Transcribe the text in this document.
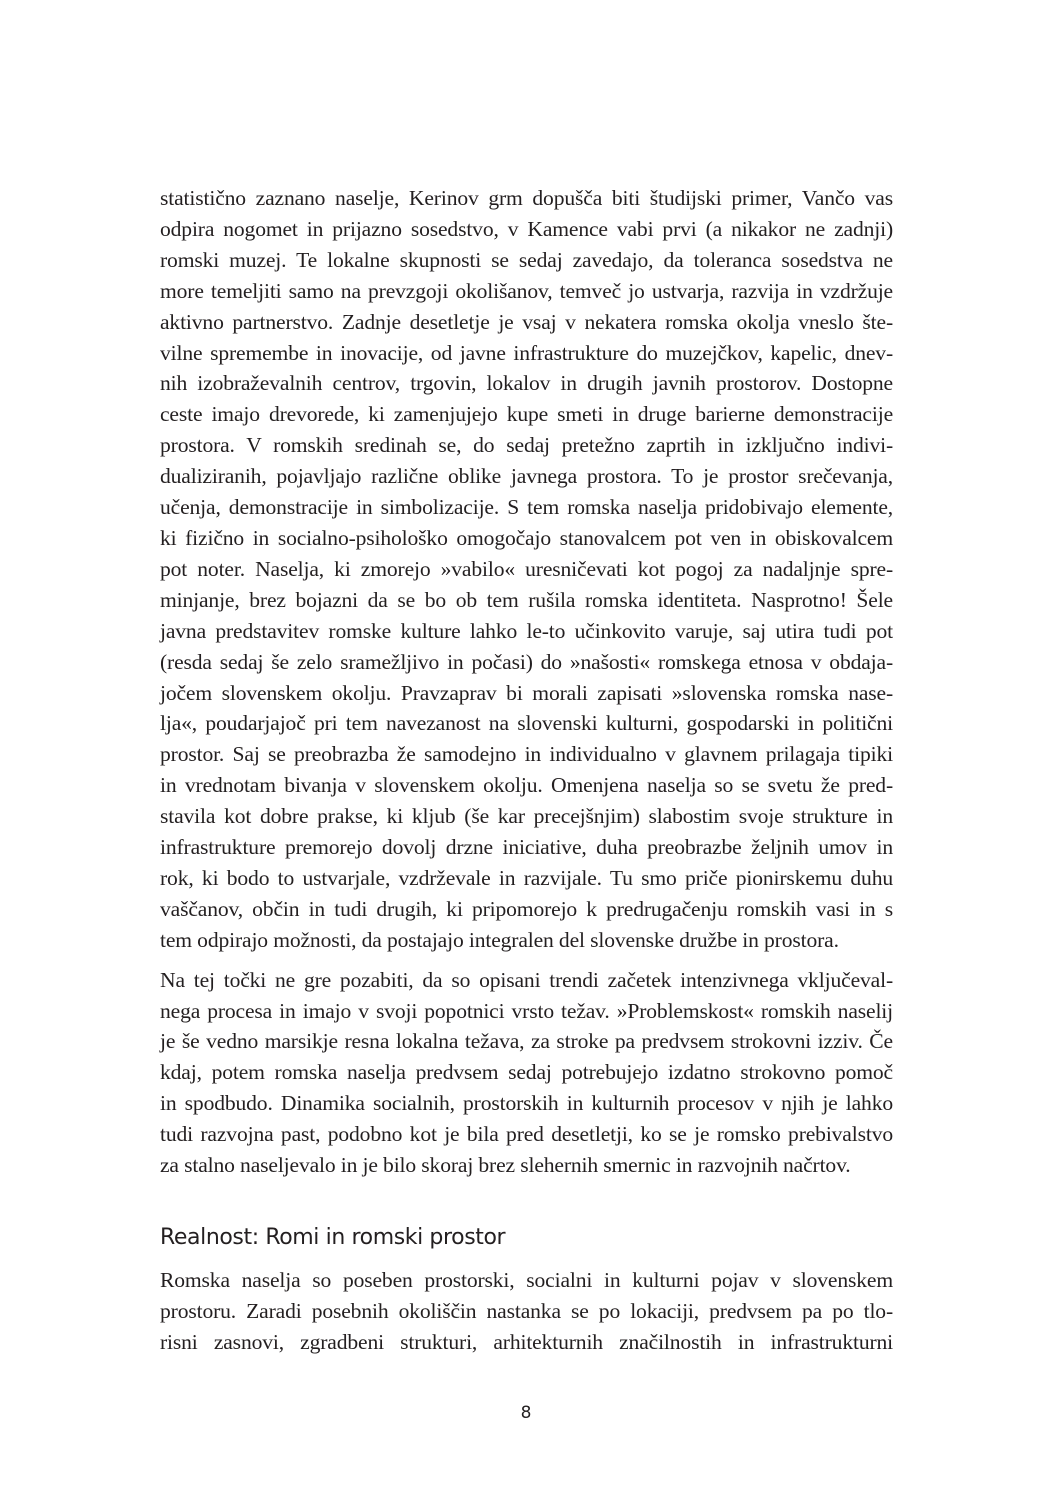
statistično zaznano naselje, Kerinov grm dopušča biti študijski primer, Vančo vas
odpira nogomet in prijazno sosedstvo, v Kamence vabi prvi (a nikakor ne zadnji)
romski muzej. Te lokalne skupnosti se sedaj zavedajo, da toleranca sosedstva ne
more temeljiti samo na prevzgoji okolišanov, temveč jo ustvarja, razvija in vzdržuje
aktivno partnerstvo. Zadnje desetletje je vsaj v nekatera romska okolja vneslo šte-
vilne spremembe in inovacije, od javne infrastrukture do muzejčkov, kapelic, dnev-
nih izobraževalnih centrov, trgovin, lokalov in drugih javnih prostorov. Dostopne
ceste imajo drevorede, ki zamenjujejo kupe smeti in druge barierne demonstracije
prostora. V romskih sredinah se, do sedaj pretežno zaprtih in izključno indivi-
dualiziranih, pojavljajo različne oblike javnega prostora. To je prostor srečevanja,
učenja, demonstracije in simbolizacije. S tem romska naselja pridobivajo elemente,
ki fizično in socialno-psihološko omogočajo stanovalcem pot ven in obiskovalcem
pot noter. Naselja, ki zmorejo »vabilo« uresničevati kot pogoj za nadaljnje spre-
minjanje, brez bojazni da se bo ob tem rušila romska identiteta. Nasprotno! Šele
javna predstavitev romske kulture lahko le-to učinkovito varuje, saj utira tudi pot
(resda sedaj še zelo sramežljivo in počasi) do »našosti« romskega etnosa v obdaja-
jočem slovenskem okolju. Pravzaprav bi morali zapisati »slovenska romska nase-
lja«, poudarjajoč pri tem navezanost na slovenski kulturni, gospodarski in politični
prostor. Saj se preobrazba že samodejno in individualno v glavnem prilagaja tipiki
in vrednotam bivanja v slovenskem okolju. Omenjena naselja so se svetu že pred-
stavila kot dobre prakse, ki kljub (še kar precejšnjim) slabostim svoje strukture in
infrastrukture premorejo dovolj drzne iniciative, duha preobrazbe željnih umov in
rok, ki bodo to ustvarjale, vzdrževale in razvijale. Tu smo priče pionirskemu duhu
vaščanov, občin in tudi drugih, ki pripomorejo k predrugačenju romskih vasi in s
tem odpirajo možnosti, da postajajo integralen del slovenske družbe in prostora.
Na tej točki ne gre pozabiti, da so opisani trendi začetek intenzivnega vključeval-
nega procesa in imajo v svoji popotnici vrsto težav. »Problemskost« romskih naselij
je še vedno marsikje resna lokalna težava, za stroke pa predvsem strokovni izziv. Če
kdaj, potem romska naselja predvsem sedaj potrebujejo izdatno strokovno pomoč
in spodbudo. Dinamika socialnih, prostorskih in kulturnih procesov v njih je lahko
tudi razvojna past, podobno kot je bila pred desetletji, ko se je romsko prebivalstvo
za stalno naseljevalo in je bilo skoraj brez slehernih smernic in razvojnih načrtov.
Realnost: Romi in romski prostor
Romska naselja so poseben prostorski, socialni in kulturni pojav v slovenskem
prostoru. Zaradi posebnih okoliščin nastanka se po lokaciji, predvsem pa po tlo-
risni zasnovi, zgradbeni strukturi, arhitekturnih značilnostih in infrastrukturni
8
